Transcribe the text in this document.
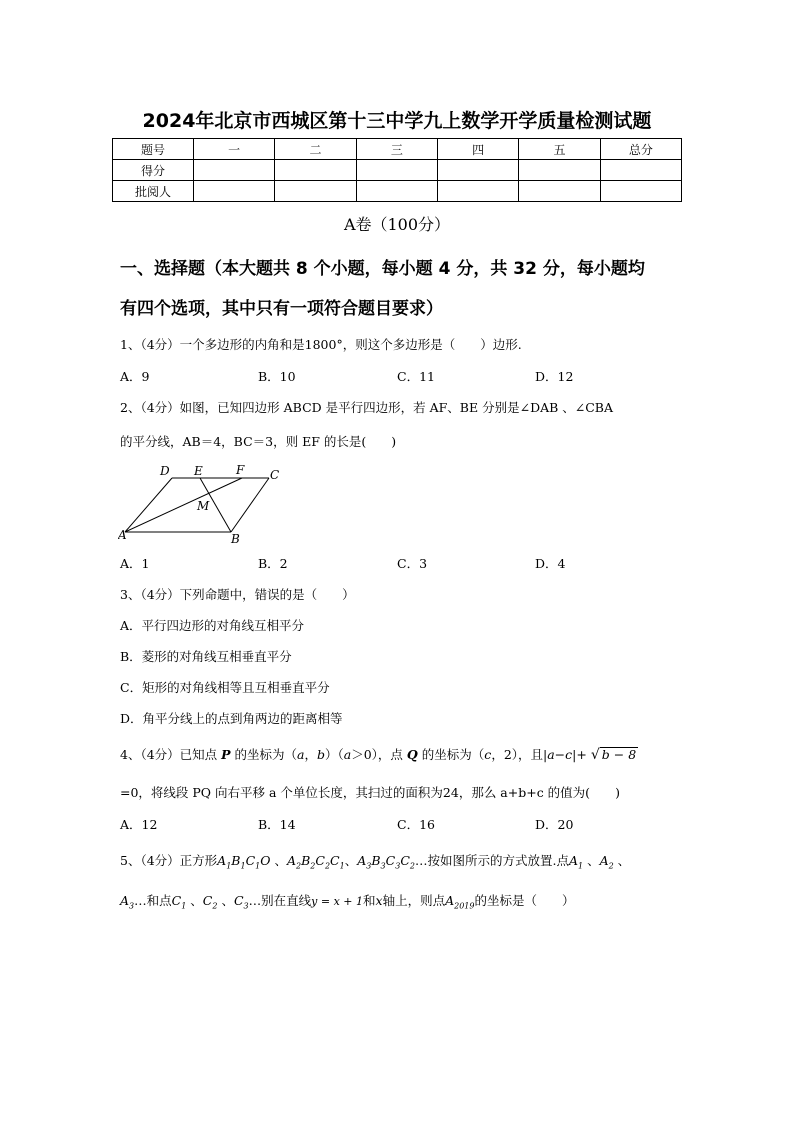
2024年北京市西城区第十三中学九上数学开学质量检测试题
题号	一	二	三	四	五	总分
得分						
批阅人						
A卷（100分）
一、选择题（本大题共 8 个小题，每小题 4 分，共 32 分，每小题均
有四个选项，其中只有一项符合题目要求）
1、（4分）一个多边形的内角和是1800°，则这个多边形是（　　）边形.
A．9	B．10	C．11	D．12
2、（4分）如图，已知四边形 ABCD 是平行四边形，若 AF、BE 分别是∠DAB 、∠CBA
的平分线，AB＝4，BC＝3，则 EF 的长是(　　)
D E	F C
M
A	B
A．1	B．2	C．3	D．4
3、（4分）下列命题中，错误的是（　　）
A．平行四边形的对角线互相平分
B．菱形的对角线互相垂直平分
C．矩形的对角线相等且互相垂直平分
D．角平分线上的点到角两边的距离相等
4、（4分）已知点 P 的坐标为（a，b）（a＞0），点 Q 的坐标为（c，2），且|a−c|+ √ b − 8
=0，将线段 PQ 向右平移 a 个单位长度，其扫过的面积为24，那么 a+b+c 的值为(　　)
A．12	B．14	C．16	D．20
5、（4分）正方形$A_1B_1C_1O$ 、$A_2B_2C_2C_1$、$A_3B_3C_3C_2\dots$按如图所示的方式放置.点$A_1$ 、$A_2$ 、
$A_3\dots$和点$C_1$ 、$C_2$ 、$C_3\dots$别在直线y = x + 1和x轴上，则点$A_{2019}$的坐标是（　　）
